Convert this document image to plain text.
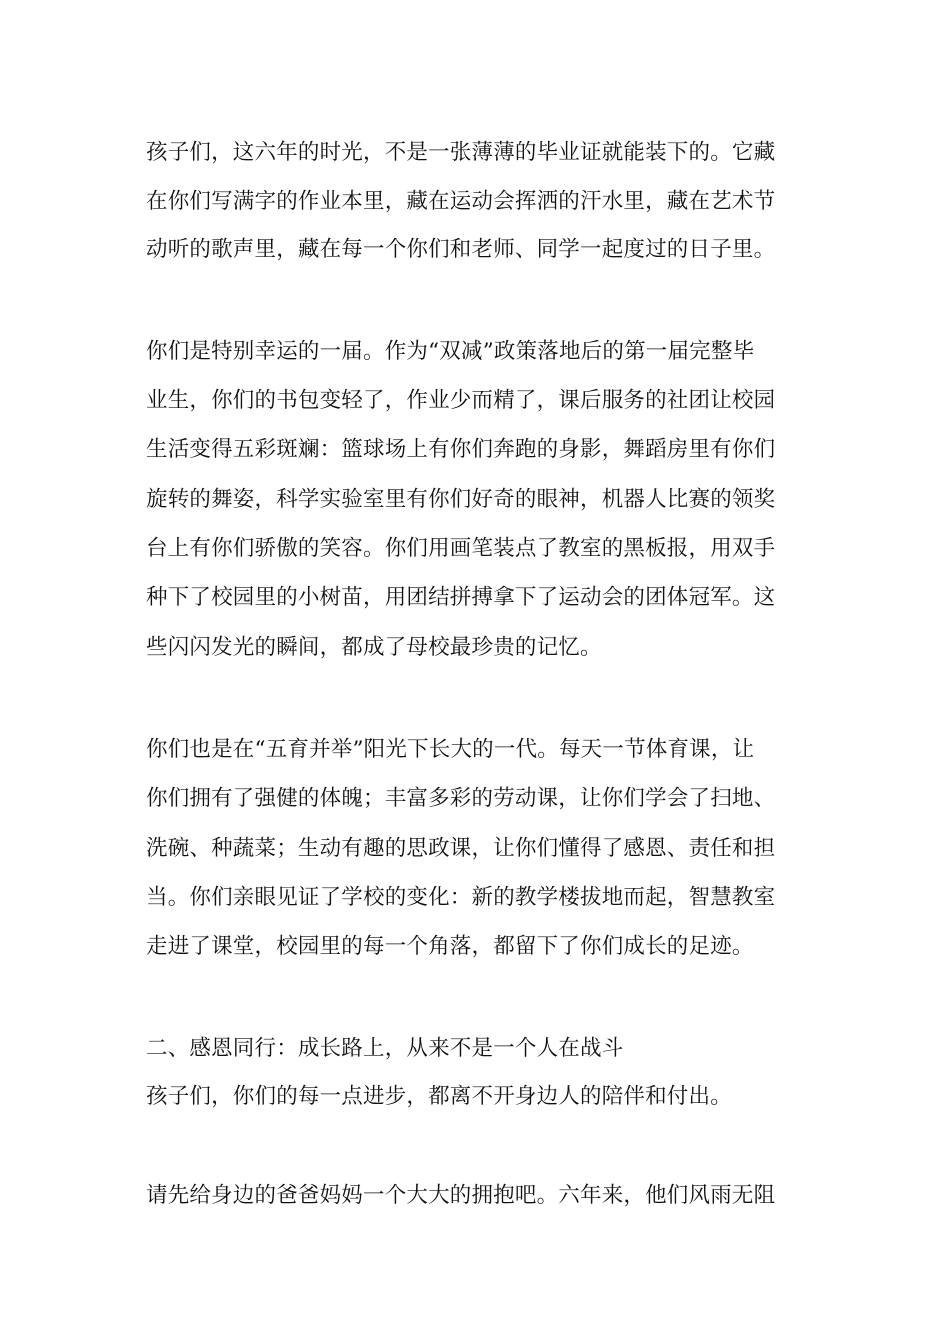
孩子们，这六年的时光，不是一张薄薄的毕业证就能装下的。它藏
在你们写满字的作业本里，藏在运动会挥洒的汗水里，藏在艺术节
动听的歌声里，藏在每一个你们和老师、同学一起度过的日子里。
你们是特别幸运的一届。作为“双减”政策落地后的第一届完整毕
业生，你们的书包变轻了，作业少而精了，课后服务的社团让校园
生活变得五彩斑斓：篮球场上有你们奔跑的身影，舞蹈房里有你们
旋转的舞姿，科学实验室里有你们好奇的眼神，机器人比赛的领奖
台上有你们骄傲的笑容。你们用画笔装点了教室的黑板报，用双手
种下了校园里的小树苗，用团结拼搏拿下了运动会的团体冠军。这
些闪闪发光的瞬间，都成了母校最珍贵的记忆。
你们也是在“五育并举”阳光下长大的一代。每天一节体育课，让
你们拥有了强健的体魄；丰富多彩的劳动课，让你们学会了扫地、
洗碗、种蔬菜；生动有趣的思政课，让你们懂得了感恩、责任和担
当。你们亲眼见证了学校的变化：新的教学楼拔地而起，智慧教室
走进了课堂，校园里的每一个角落，都留下了你们成长的足迹。
二、感恩同行：成长路上，从来不是一个人在战斗
孩子们，你们的每一点进步，都离不开身边人的陪伴和付出。
请先给身边的爸爸妈妈一个大大的拥抱吧。六年来，他们风雨无阻
